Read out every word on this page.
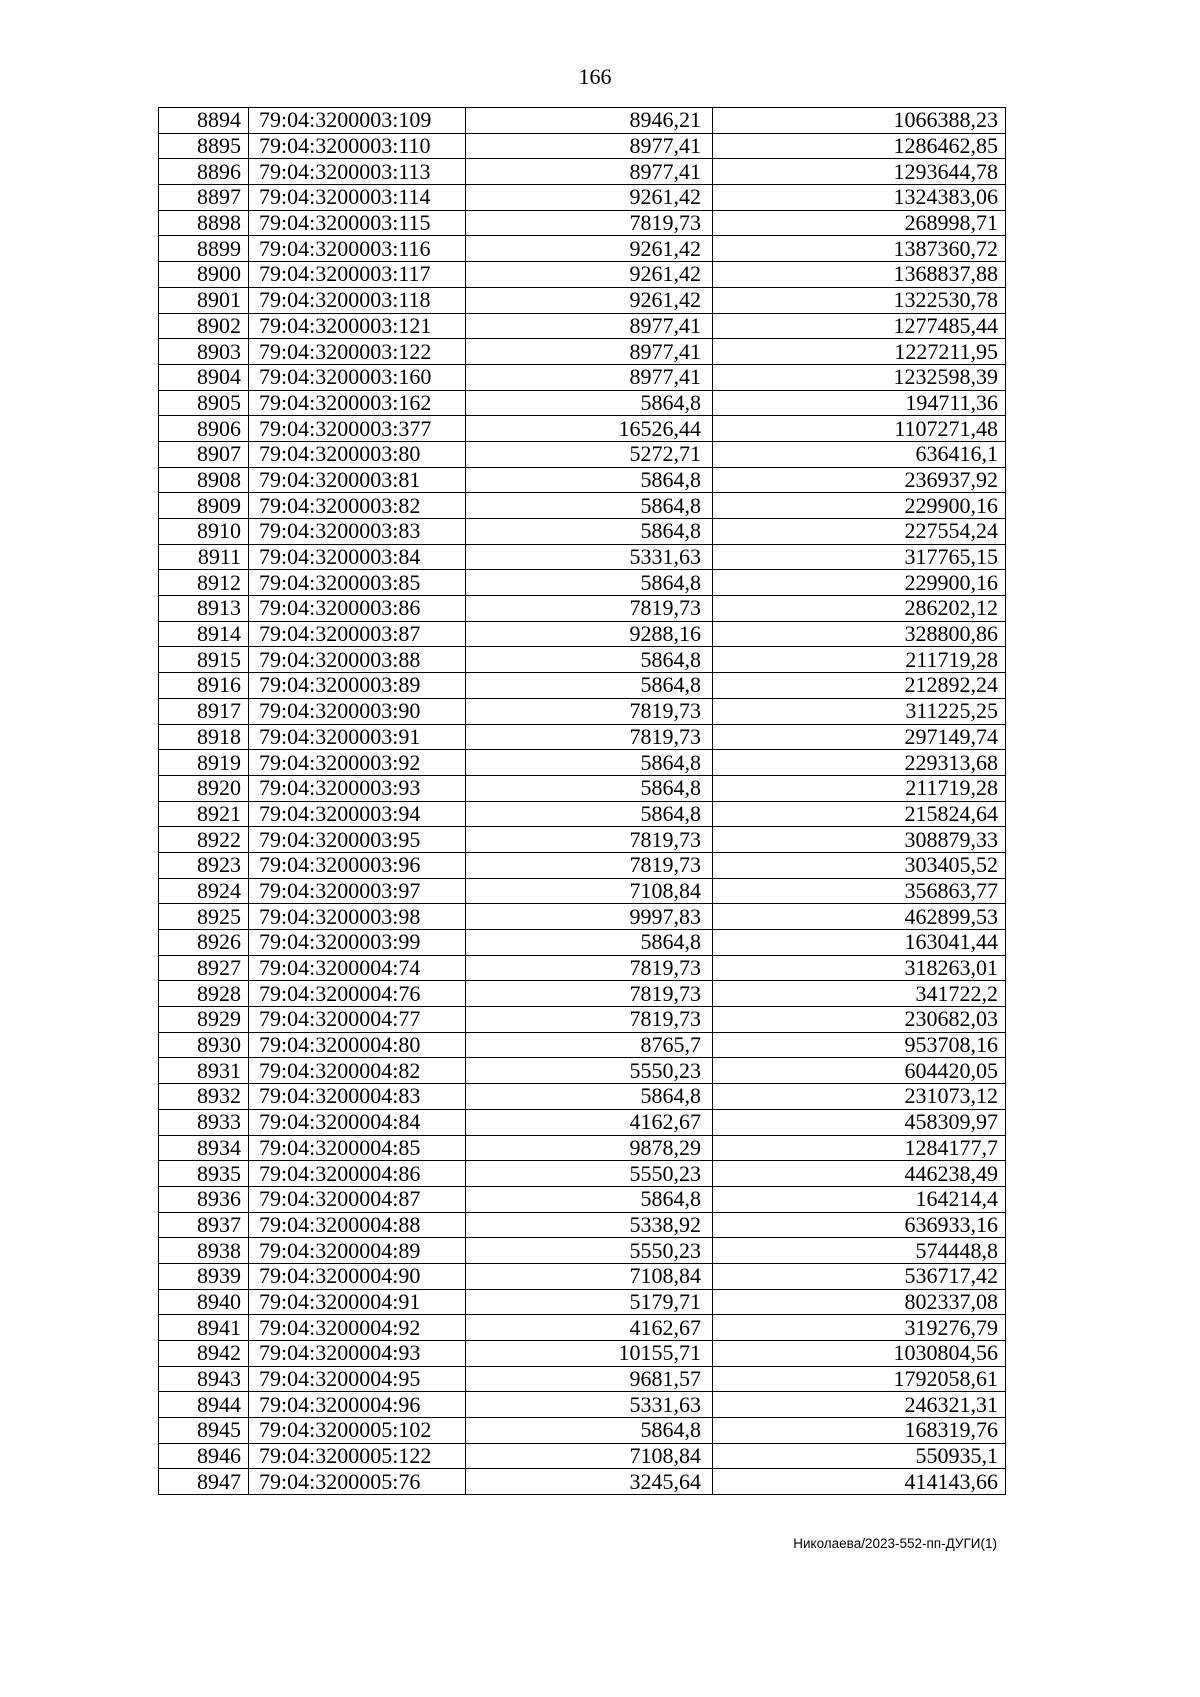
166
8894	79:04:3200003:109	8946,21	1066388,23
8895	79:04:3200003:110	8977,41	1286462,85
8896	79:04:3200003:113	8977,41	1293644,78
8897	79:04:3200003:114	9261,42	1324383,06
8898	79:04:3200003:115	7819,73	268998,71
8899	79:04:3200003:116	9261,42	1387360,72
8900	79:04:3200003:117	9261,42	1368837,88
8901	79:04:3200003:118	9261,42	1322530,78
8902	79:04:3200003:121	8977,41	1277485,44
8903	79:04:3200003:122	8977,41	1227211,95
8904	79:04:3200003:160	8977,41	1232598,39
8905	79:04:3200003:162	5864,8	194711,36
8906	79:04:3200003:377	16526,44	1107271,48
8907	79:04:3200003:80	5272,71	636416,1
8908	79:04:3200003:81	5864,8	236937,92
8909	79:04:3200003:82	5864,8	229900,16
8910	79:04:3200003:83	5864,8	227554,24
8911	79:04:3200003:84	5331,63	317765,15
8912	79:04:3200003:85	5864,8	229900,16
8913	79:04:3200003:86	7819,73	286202,12
8914	79:04:3200003:87	9288,16	328800,86
8915	79:04:3200003:88	5864,8	211719,28
8916	79:04:3200003:89	5864,8	212892,24
8917	79:04:3200003:90	7819,73	311225,25
8918	79:04:3200003:91	7819,73	297149,74
8919	79:04:3200003:92	5864,8	229313,68
8920	79:04:3200003:93	5864,8	211719,28
8921	79:04:3200003:94	5864,8	215824,64
8922	79:04:3200003:95	7819,73	308879,33
8923	79:04:3200003:96	7819,73	303405,52
8924	79:04:3200003:97	7108,84	356863,77
8925	79:04:3200003:98	9997,83	462899,53
8926	79:04:3200003:99	5864,8	163041,44
8927	79:04:3200004:74	7819,73	318263,01
8928	79:04:3200004:76	7819,73	341722,2
8929	79:04:3200004:77	7819,73	230682,03
8930	79:04:3200004:80	8765,7	953708,16
8931	79:04:3200004:82	5550,23	604420,05
8932	79:04:3200004:83	5864,8	231073,12
8933	79:04:3200004:84	4162,67	458309,97
8934	79:04:3200004:85	9878,29	1284177,7
8935	79:04:3200004:86	5550,23	446238,49
8936	79:04:3200004:87	5864,8	164214,4
8937	79:04:3200004:88	5338,92	636933,16
8938	79:04:3200004:89	5550,23	574448,8
8939	79:04:3200004:90	7108,84	536717,42
8940	79:04:3200004:91	5179,71	802337,08
8941	79:04:3200004:92	4162,67	319276,79
8942	79:04:3200004:93	10155,71	1030804,56
8943	79:04:3200004:95	9681,57	1792058,61
8944	79:04:3200004:96	5331,63	246321,31
8945	79:04:3200005:102	5864,8	168319,76
8946	79:04:3200005:122	7108,84	550935,1
8947	79:04:3200005:76	3245,64	414143,66
Николаева/2023-552-пп-ДУГИ(1)
